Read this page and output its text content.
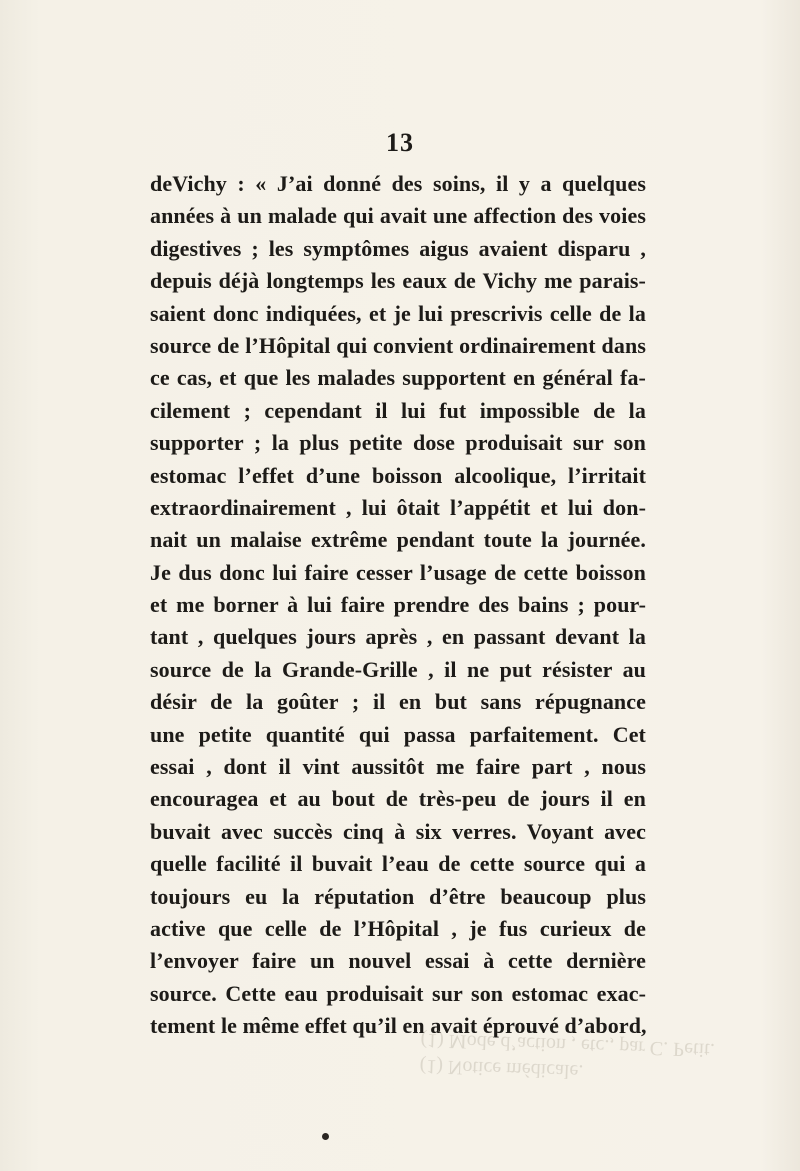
13
deVichy : « J’ai donné des soins, il y a quelques
années à un malade qui avait une affection des voies
digestives ; les symptômes aigus avaient disparu ,
depuis déjà longtemps les eaux de Vichy me parais-
saient donc indiquées, et je lui prescrivis celle de la
source de l’Hôpital qui convient ordinairement dans
ce cas, et que les malades supportent en général fa-
cilement ; cependant il lui fut impossible de la
supporter ; la plus petite dose produisait sur son
estomac l’effet d’une boisson alcoolique, l’irritait
extraordinairement , lui ôtait l’appétit et lui don-
nait un malaise extrême pendant toute la journée.
Je dus donc lui faire cesser l’usage de cette boisson
et me borner à lui faire prendre des bains ; pour-
tant , quelques jours après , en passant devant la
source de la Grande-Grille , il ne put résister au
désir de la goûter ; il en but sans répugnance
une petite quantité qui passa parfaitement. Cet
essai , dont il vint aussitôt me faire part , nous
encouragea et au bout de très-peu de jours il en
buvait avec succès cinq à six verres. Voyant avec
quelle facilité il buvait l’eau de cette source qui a
toujours eu la réputation d’être beaucoup plus
active que celle de l’Hôpital , je fus curieux de
l’envoyer faire un nouvel essai à cette dernière
source. Cette eau produisait sur son estomac exac-
tement le même effet qu’il en avait éprouvé d’abord,
(1) Notice médicale.
(1) Mode d’action , etc., par C. Petit.
